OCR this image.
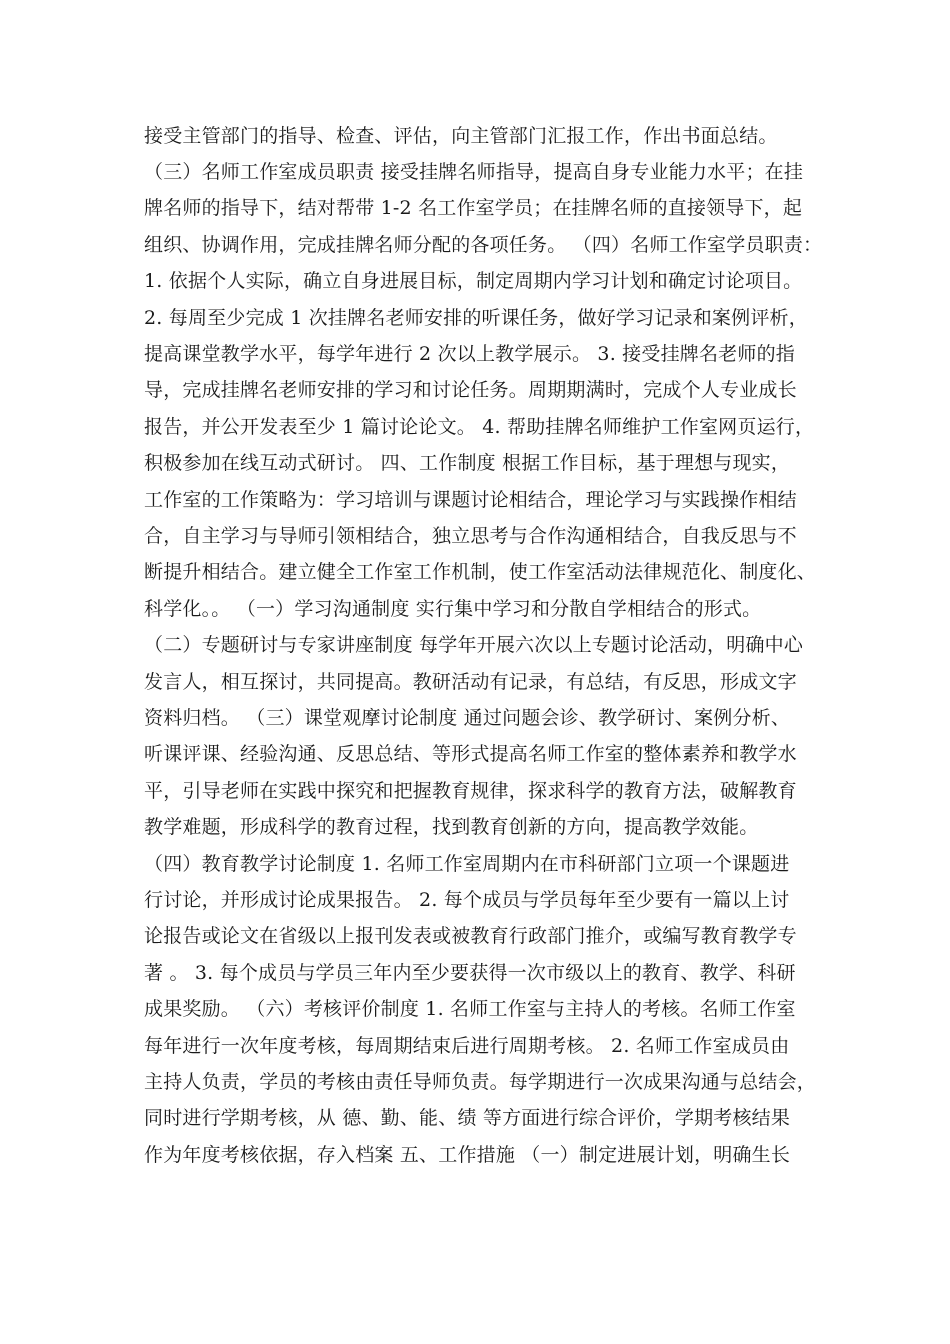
接受主管部门的指导、检查、评估，向主管部门汇报工作，作出书面总结。
（三）名师工作室成员职责 接受挂牌名师指导，提高自身专业能力水平；在挂
牌名师的指导下，结对帮带 1-2 名工作室学员；在挂牌名师的直接领导下，起
组织、协调作用，完成挂牌名师分配的各项任务。 （四）名师工作室学员职责：
1. 依据个人实际，确立自身进展目标，制定周期内学习计划和确定讨论项目。
2. 每周至少完成 1 次挂牌名老师安排的听课任务，做好学习记录和案例评析，
提高课堂教学水平，每学年进行 2 次以上教学展示。 3. 接受挂牌名老师的指
导，完成挂牌名老师安排的学习和讨论任务。周期期满时，完成个人专业成长
报告，并公开发表至少 1 篇讨论论文。 4. 帮助挂牌名师维护工作室网页运行，
积极参加在线互动式研讨。 四、工作制度 根据工作目标，基于理想与现实，
工作室的工作策略为：学习培训与课题讨论相结合，理论学习与实践操作相结
合，自主学习与导师引领相结合，独立思考与合作沟通相结合，自我反思与不
断提升相结合。建立健全工作室工作机制，使工作室活动法律规范化、制度化、
科学化。。 （一）学习沟通制度 实行集中学习和分散自学相结合的形式。
（二）专题研讨与专家讲座制度 每学年开展六次以上专题讨论活动，明确中心
发言人，相互探讨，共同提高。教研活动有记录，有总结，有反思，形成文字
资料归档。 （三）课堂观摩讨论制度 通过问题会诊、教学研讨、案例分析、
听课评课、经验沟通、反思总结、等形式提高名师工作室的整体素养和教学水
平，引导老师在实践中探究和把握教育规律，探求科学的教育方法，破解教育
教学难题，形成科学的教育过程，找到教育创新的方向，提高教学效能。
（四）教育教学讨论制度 1. 名师工作室周期内在市科研部门立项一个课题进
行讨论，并形成讨论成果报告。 2. 每个成员与学员每年至少要有一篇以上讨
论报告或论文在省级以上报刊发表或被教育行政部门推介，或编写教育教学专
著 。 3. 每个成员与学员三年内至少要获得一次市级以上的教育、教学、科研
成果奖励。 （六）考核评价制度 1. 名师工作室与主持人的考核。名师工作室
每年进行一次年度考核，每周期结束后进行周期考核。 2. 名师工作室成员由
主持人负责，学员的考核由责任导师负责。每学期进行一次成果沟通与总结会，
同时进行学期考核，从 德、勤、能、绩 等方面进行综合评价，学期考核结果
作为年度考核依据，存入档案 五、工作措施 （一）制定进展计划，明确生长
